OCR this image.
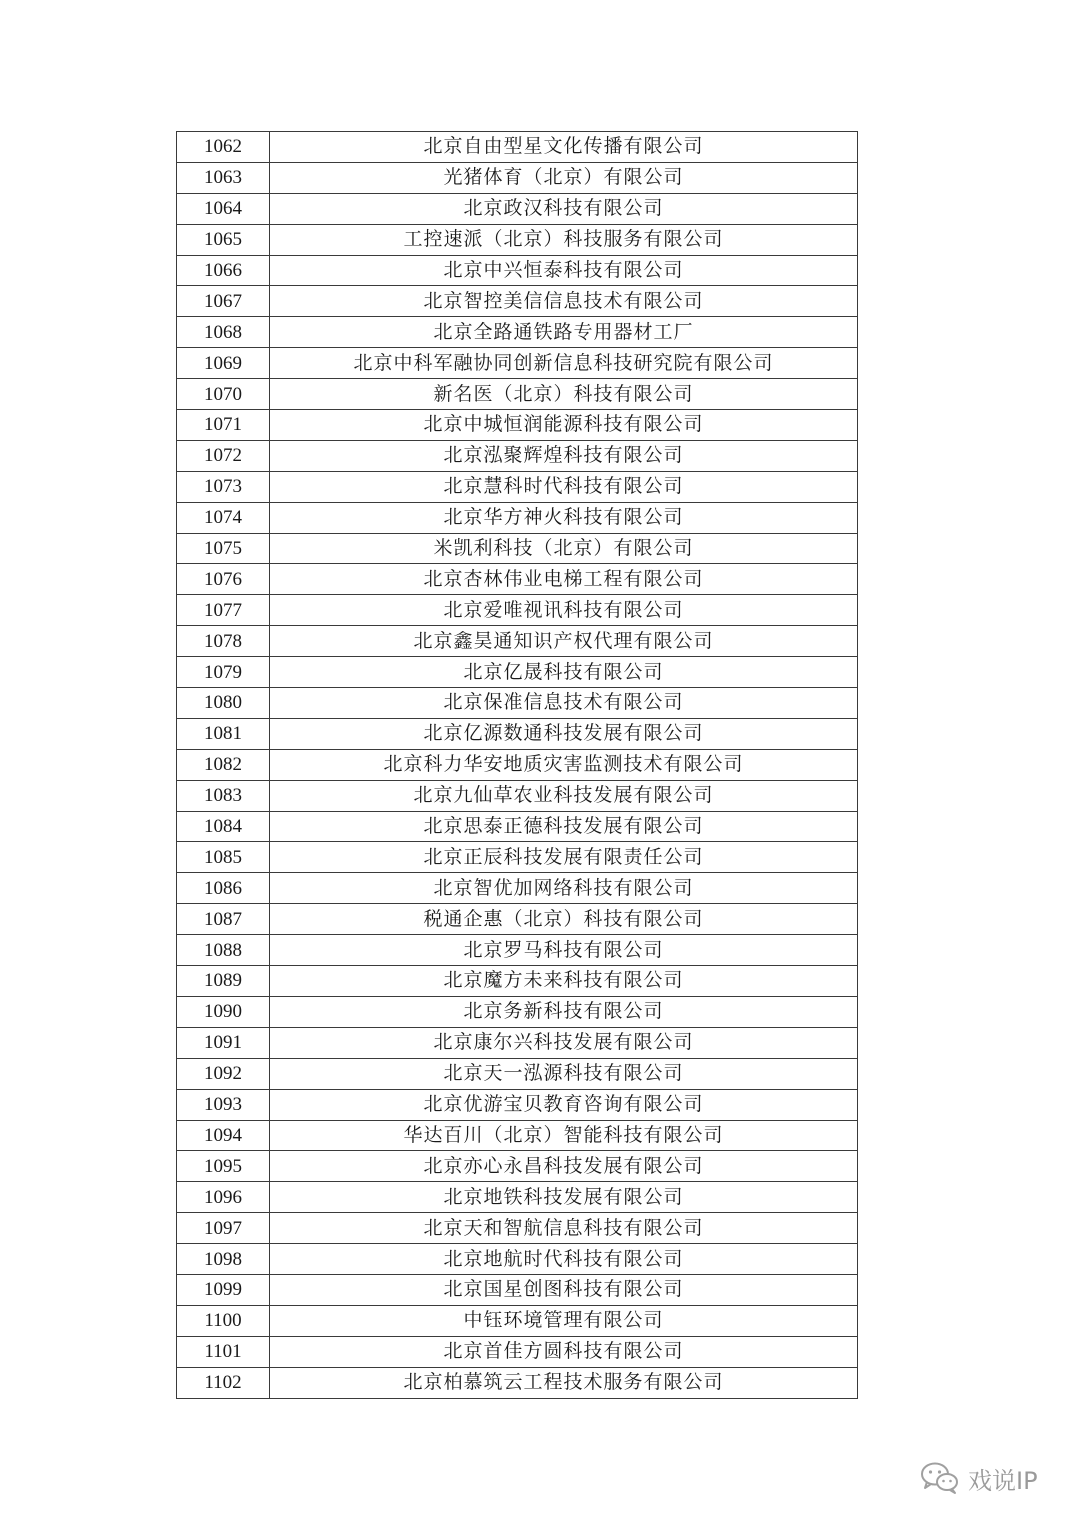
1062	北京自由型星文化传播有限公司
1063	光猪体育（北京）有限公司
1064	北京政汉科技有限公司
1065	工控速派（北京）科技服务有限公司
1066	北京中兴恒泰科技有限公司
1067	北京智控美信信息技术有限公司
1068	北京全路通铁路专用器材工厂
1069	北京中科军融协同创新信息科技研究院有限公司
1070	新名医（北京）科技有限公司
1071	北京中城恒润能源科技有限公司
1072	北京泓聚辉煌科技有限公司
1073	北京慧科时代科技有限公司
1074	北京华方神火科技有限公司
1075	米凯利科技（北京）有限公司
1076	北京杏林伟业电梯工程有限公司
1077	北京爱唯视讯科技有限公司
1078	北京鑫昊通知识产权代理有限公司
1079	北京亿晟科技有限公司
1080	北京保准信息技术有限公司
1081	北京亿源数通科技发展有限公司
1082	北京科力华安地质灾害监测技术有限公司
1083	北京九仙草农业科技发展有限公司
1084	北京思泰正德科技发展有限公司
1085	北京正辰科技发展有限责任公司
1086	北京智优加网络科技有限公司
1087	税通企惠（北京）科技有限公司
1088	北京罗马科技有限公司
1089	北京魔方未来科技有限公司
1090	北京务新科技有限公司
1091	北京康尔兴科技发展有限公司
1092	北京天一泓源科技有限公司
1093	北京优游宝贝教育咨询有限公司
1094	华达百川（北京）智能科技有限公司
1095	北京亦心永昌科技发展有限公司
1096	北京地铁科技发展有限公司
1097	北京天和智航信息科技有限公司
1098	北京地航时代科技有限公司
1099	北京国星创图科技有限公司
1100	中钰环境管理有限公司
1101	北京首佳方圆科技有限公司
1102	北京柏慕筑云工程技术服务有限公司
戏说IP
